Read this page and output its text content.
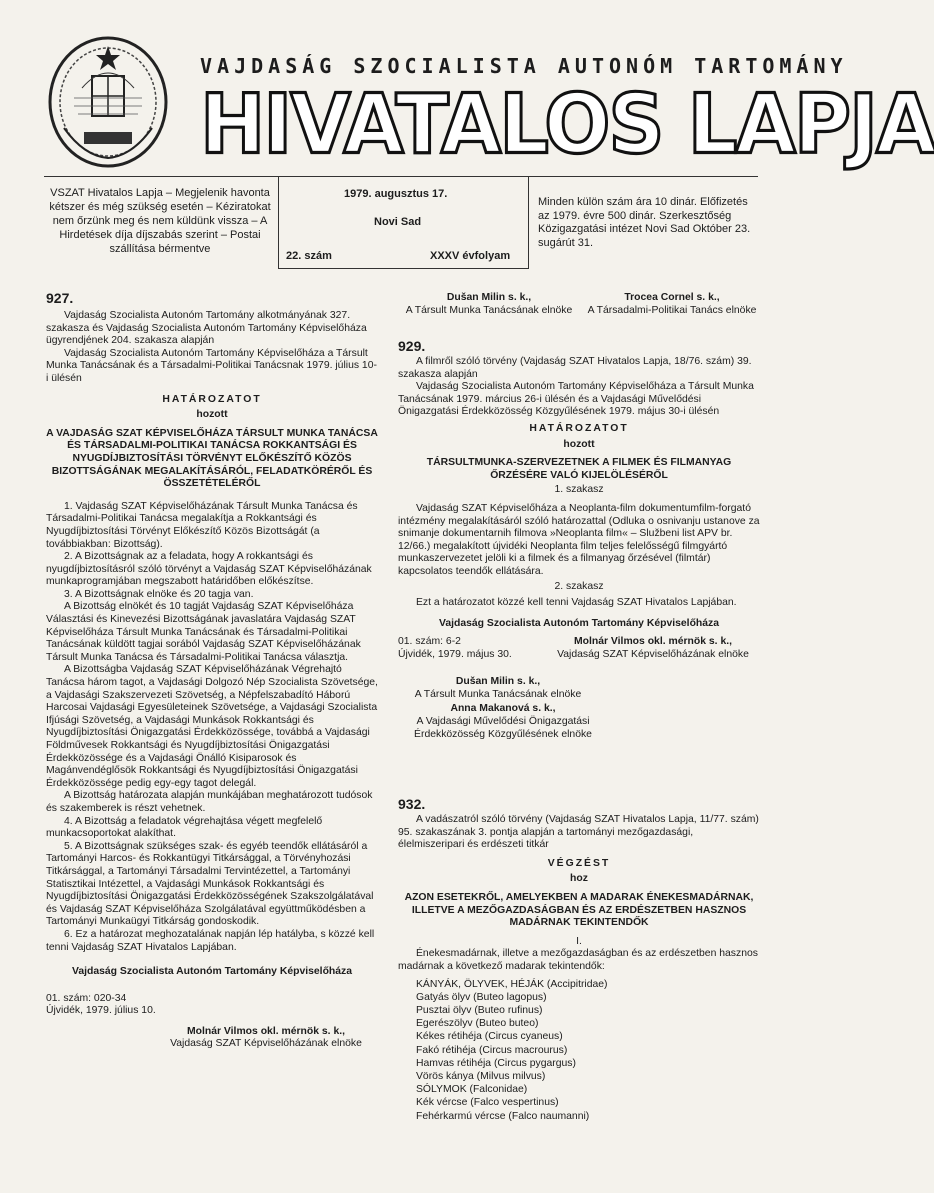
VAJDASÁG SZOCIALISTA AUTONÓM TARTOMÁNY
HIVATALOS LAPJA

VSZAT Hivatalos Lapja – Megjelenik havonta kétszer és még szükség esetén – Kéziratokat nem őrzünk meg és nem küldünk vissza – A Hirdetések díja díjszabás szerint – Postai szállítása bérmentve

1979. augusztus 17.
Novi Sad
22. szám	XXXV évfolyam

Minden külön szám ára 10 dinár. Előfizetés az 1979. évre 500 dinár. Szerkesztőség Közigazgatási intézet Novi Sad Október 23. sugárút 31.

927.

Vajdaság Szocialista Autonóm Tartomány alkotmányának 327. szakasza és Vajdaság Szocialista Autonóm Tartomány Képviselőháza ügyrendjének 204. szakasza alapján

Vajdaság Szocialista Autonóm Tartomány Képviselőháza a Társult Munka Tanácsának és a Társadalmi-Politikai Tanácsnak 1979. július 10-i ülésén

HATÁROZATOT

hozott

A VAJDASÁG SZAT KÉPVISELŐHÁZA TÁRSULT MUNKA TANÁCSA ÉS TÁRSADALMI-POLITIKAI TANÁCSA ROKKANTSÁGI ÉS NYUGDÍJBIZTOSÍTÁSI TÖRVÉNYT ELŐKÉSZÍTŐ KÖZÖS BIZOTTSÁGÁNAK MEGALAKÍTÁSÁRÓL, FELADATKÖRÉRŐL ÉS ÖSSZETÉTELÉRŐL

1. Vajdaság SZAT Képviselőházának Társult Munka Tanácsa és Társadalmi-Politikai Tanácsa megalakítja a Rokkantsági és Nyugdíjbiztosítási Törvényt Előkészítő Közös Bizottságát (a továbbiakban: Bizottság).

2. A Bizottságnak az a feladata, hogy A rokkantsági és nyugdíjbiztosításról szóló törvényt a Vajdaság SZAT Képviselőházának munkaprogramjában megszabott határidőben előkészítse.

3. A Bizottságnak elnöke és 20 tagja van.

A Bizottság elnökét és 10 tagját Vajdaság SZAT Képviselőháza Választási és Kinevezési Bizottságának javaslatára Vajdaság SZAT Képviselőháza Társult Munka Tanácsának és Társadalmi-Politikai Tanácsának küldött tagjai sorából Vajdaság SZAT Képviselőházának Társult Munka Tanácsa és Társadalmi-Politikai Tanácsa választja.

A Bizottságba Vajdaság SZAT Képviselőházának Végrehajtó Tanácsa három tagot, a Vajdasági Dolgozó Nép Szocialista Szövetsége, a Vajdasági Szakszervezeti Szövetség, a Népfelszabadító Háború Harcosai Vajdasági Egyesületeinek Szövetsége, a Vajdasági Szocialista Ifjúsági Szövetség, a Vajdasági Munkások Rokkantsági és Nyugdíjbiztosítási Önigazgatási Érdekközössége, továbbá a Vajdasági Földművesek Rokkantsági és Nyugdíjbiztosítási Önigazgatási Érdekközössége és a Vajdasági Önálló Kisiparosok és Magánvendéglősök Rokkantsági és Nyugdíjbiztosítási Önigazgatási Érdekközössége pedig egy-egy tagot delegál.

A Bizottság határozata alapján munkájában meghatározott tudósok és szakemberek is részt vehetnek.

4. A Bizottság a feladatok végrehajtása végett megfelelő munkacsoportokat alakíthat.

5. A Bizottságnak szükséges szak- és egyéb teendők ellátásáról a Tartományi Harcos- és Rokkantügyi Titkársággal, a Törvényhozási Titkársággal, a Tartományi Társadalmi Tervintézettel, a Tartományi Statisztikai Intézettel, a Vajdasági Munkások Rokkantsági és Nyugdíjbiztosítási Önigazgatási Érdekközösségének Szakszolgálatával és Vajdaság SZAT Képviselőháza Szolgálatával együttműködésben a Tartományi Munkaügyi Titkárság gondoskodik.

6. Ez a határozat meghozatalának napján lép hatályba, s közzé kell tenni Vajdaság SZAT Hivatalos Lapjában.

Vajdaság Szocialista Autonóm Tartomány Képviselőháza

01. szám: 020-34

Újvidék, 1979. július 10.

Molnár Vilmos okl. mérnök s. k.,
Vajdaság SZAT Képviselőházának elnöke
Dušan Milin s. k.,
A Társult Munka Tanácsának elnöke
Trocea Cornel s. k.,
A Társadalmi-Politikai Tanács elnöke
929.

A filmről szóló törvény (Vajdaság SZAT Hivatalos Lapja, 18/76. szám) 39. szakasza alapján

Vajdaság Szocialista Autonóm Tartomány Képviselőháza a Társult Munka Tanácsának 1979. március 26-i ülésén és a Vajdasági Művelődési Önigazgatási Érdekközösség Közgyűlésének 1979. május 30-i ülésén

HATÁROZATOT

hozott

TÁRSULTMUNKA-SZERVEZETNEK A FILMEK ÉS FILMANYAG ŐRZÉSÉRE VALÓ KIJELÖLÉSÉRŐL

1. szakasz

Vajdaság SZAT Képviselőháza a Neoplanta-film dokumentumfilm-forgató intézmény megalakításáról szóló határozattal (Odluka o osnivanju ustanove za snimanje dokumentarnih filmova »Neoplanta film« – Službeni list APV br. 12/66.) megalakított újvidéki Neoplanta film teljes felelősségű filmgyártó munkaszervezetet jelöli ki a filmek és a filmanyag őrzésével (filmtár) kapcsolatos teendők ellátására.

2. szakasz

Ezt a határozatot közzé kell tenni Vajdaság SZAT Hivatalos Lapjában.

Vajdaság Szocialista Autonóm Tartomány Képviselőháza

01. szám: 6-2
Újvidék, 1979. május 30.
Molnár Vilmos okl. mérnök s. k.,
Vajdaság SZAT Képviselőházának elnöke
Dušan Milin s. k.,
A Társult Munka Tanácsának elnöke
Anna Makanová s. k.,
A Vajdasági Művelődési Önigazgatási Érdekközösség Közgyűlésének elnöke
932.

A vadászatról szóló törvény (Vajdaság SZAT Hivatalos Lapja, 11/77. szám) 95. szakaszának 3. pontja alapján a tartományi mezőgazdasági, élelmiszeripari és erdészeti titkár

VÉGZÉST

hoz

AZON ESETEKRŐL, AMELYEKBEN A MADARAK ÉNEKESMADÁRNAK, ILLETVE A MEZŐGAZDASÁGBAN ÉS AZ ERDÉSZETBEN HASZNOS MADÁRNAK TEKINTENDŐK

I.

Énekesmadárnak, illetve a mezőgazdaságban és az erdészetben hasznos madárnak a következő madarak tekintendők:

KÁNYÁK, ÖLYVEK, HÉJÁK (Accipitridae)

Gatyás ölyv (Buteo lagopus)

Pusztai ölyv (Buteo rufinus)

Egerészölyv (Buteo buteo)

Kékes rétihéja (Circus cyaneus)

Fakó rétihéja (Circus macrourus)

Hamvas rétihéja (Circus pygargus)

Vörös kánya (Milvus milvus)

SÓLYMOK (Falconidae)

Kék vércse (Falco vespertinus)

Fehérkarmú vércse (Falco naumanni)
